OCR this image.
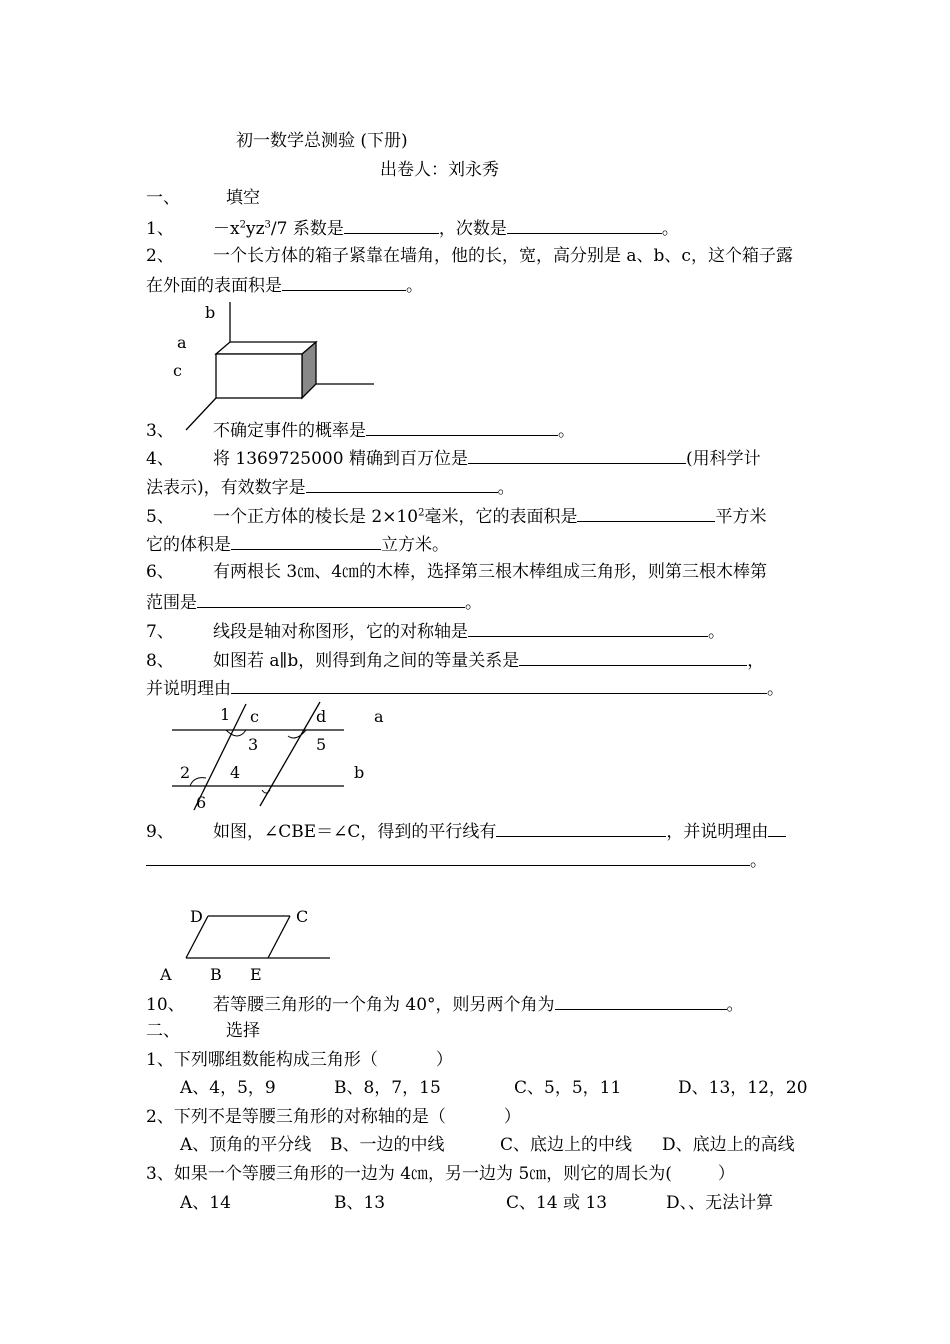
初一数学总测验 (下册)
出卷人：刘永秀
一、	填空
1、 $-x^2yz^3/7$ 系数是	，次数是	。
2、 一个长方体的箱子紧靠在墙角，他的长，宽，高分别是 a、b、c，这个箱子露
在外面的表面积是	。
b
a
c
3、 不确定事件的概率是	。
4、 将 1369725000 精确到百万位是	(用科学计
法表示)，有效数字是	。
5、 一个正方体的棱长是 $2\times 10^2$毫米，它的表面积是	平方米
它的体积是	立方米。
6、 有两根长 3㎝、4㎝的木棒，选择第三根木棒组成三角形，则第三根木棒第
范围是	。
7、 线段是轴对称图形，它的对称轴是	。
8、 如图若 a∥b，则得到角之间的等量关系是	，
并说明理由	。
1 c	d	a
3	5
2 4	b
6
9、 如图，∠CBE＝∠C，得到的平行线有	，并说明理由
。
D	C
A B E
10、 若等腰三角形的一个角为 40°，则另两个角为	。
二、	选择
1、下列哪组数能构成三角形（	）
A、4，5，9	B、8，7，15	C、5，5，11	D、13，12，20
2、下列不是等腰三角形的对称轴的是（	）
A、顶角的平分线 B、一边的中线	C、底边上的中线 D、底边上的高线
3、如果一个等腰三角形的一边为 4㎝，另一边为 5㎝，则它的周长为(	）
A、14	B、13	C、14 或 13	D、、无法计算
